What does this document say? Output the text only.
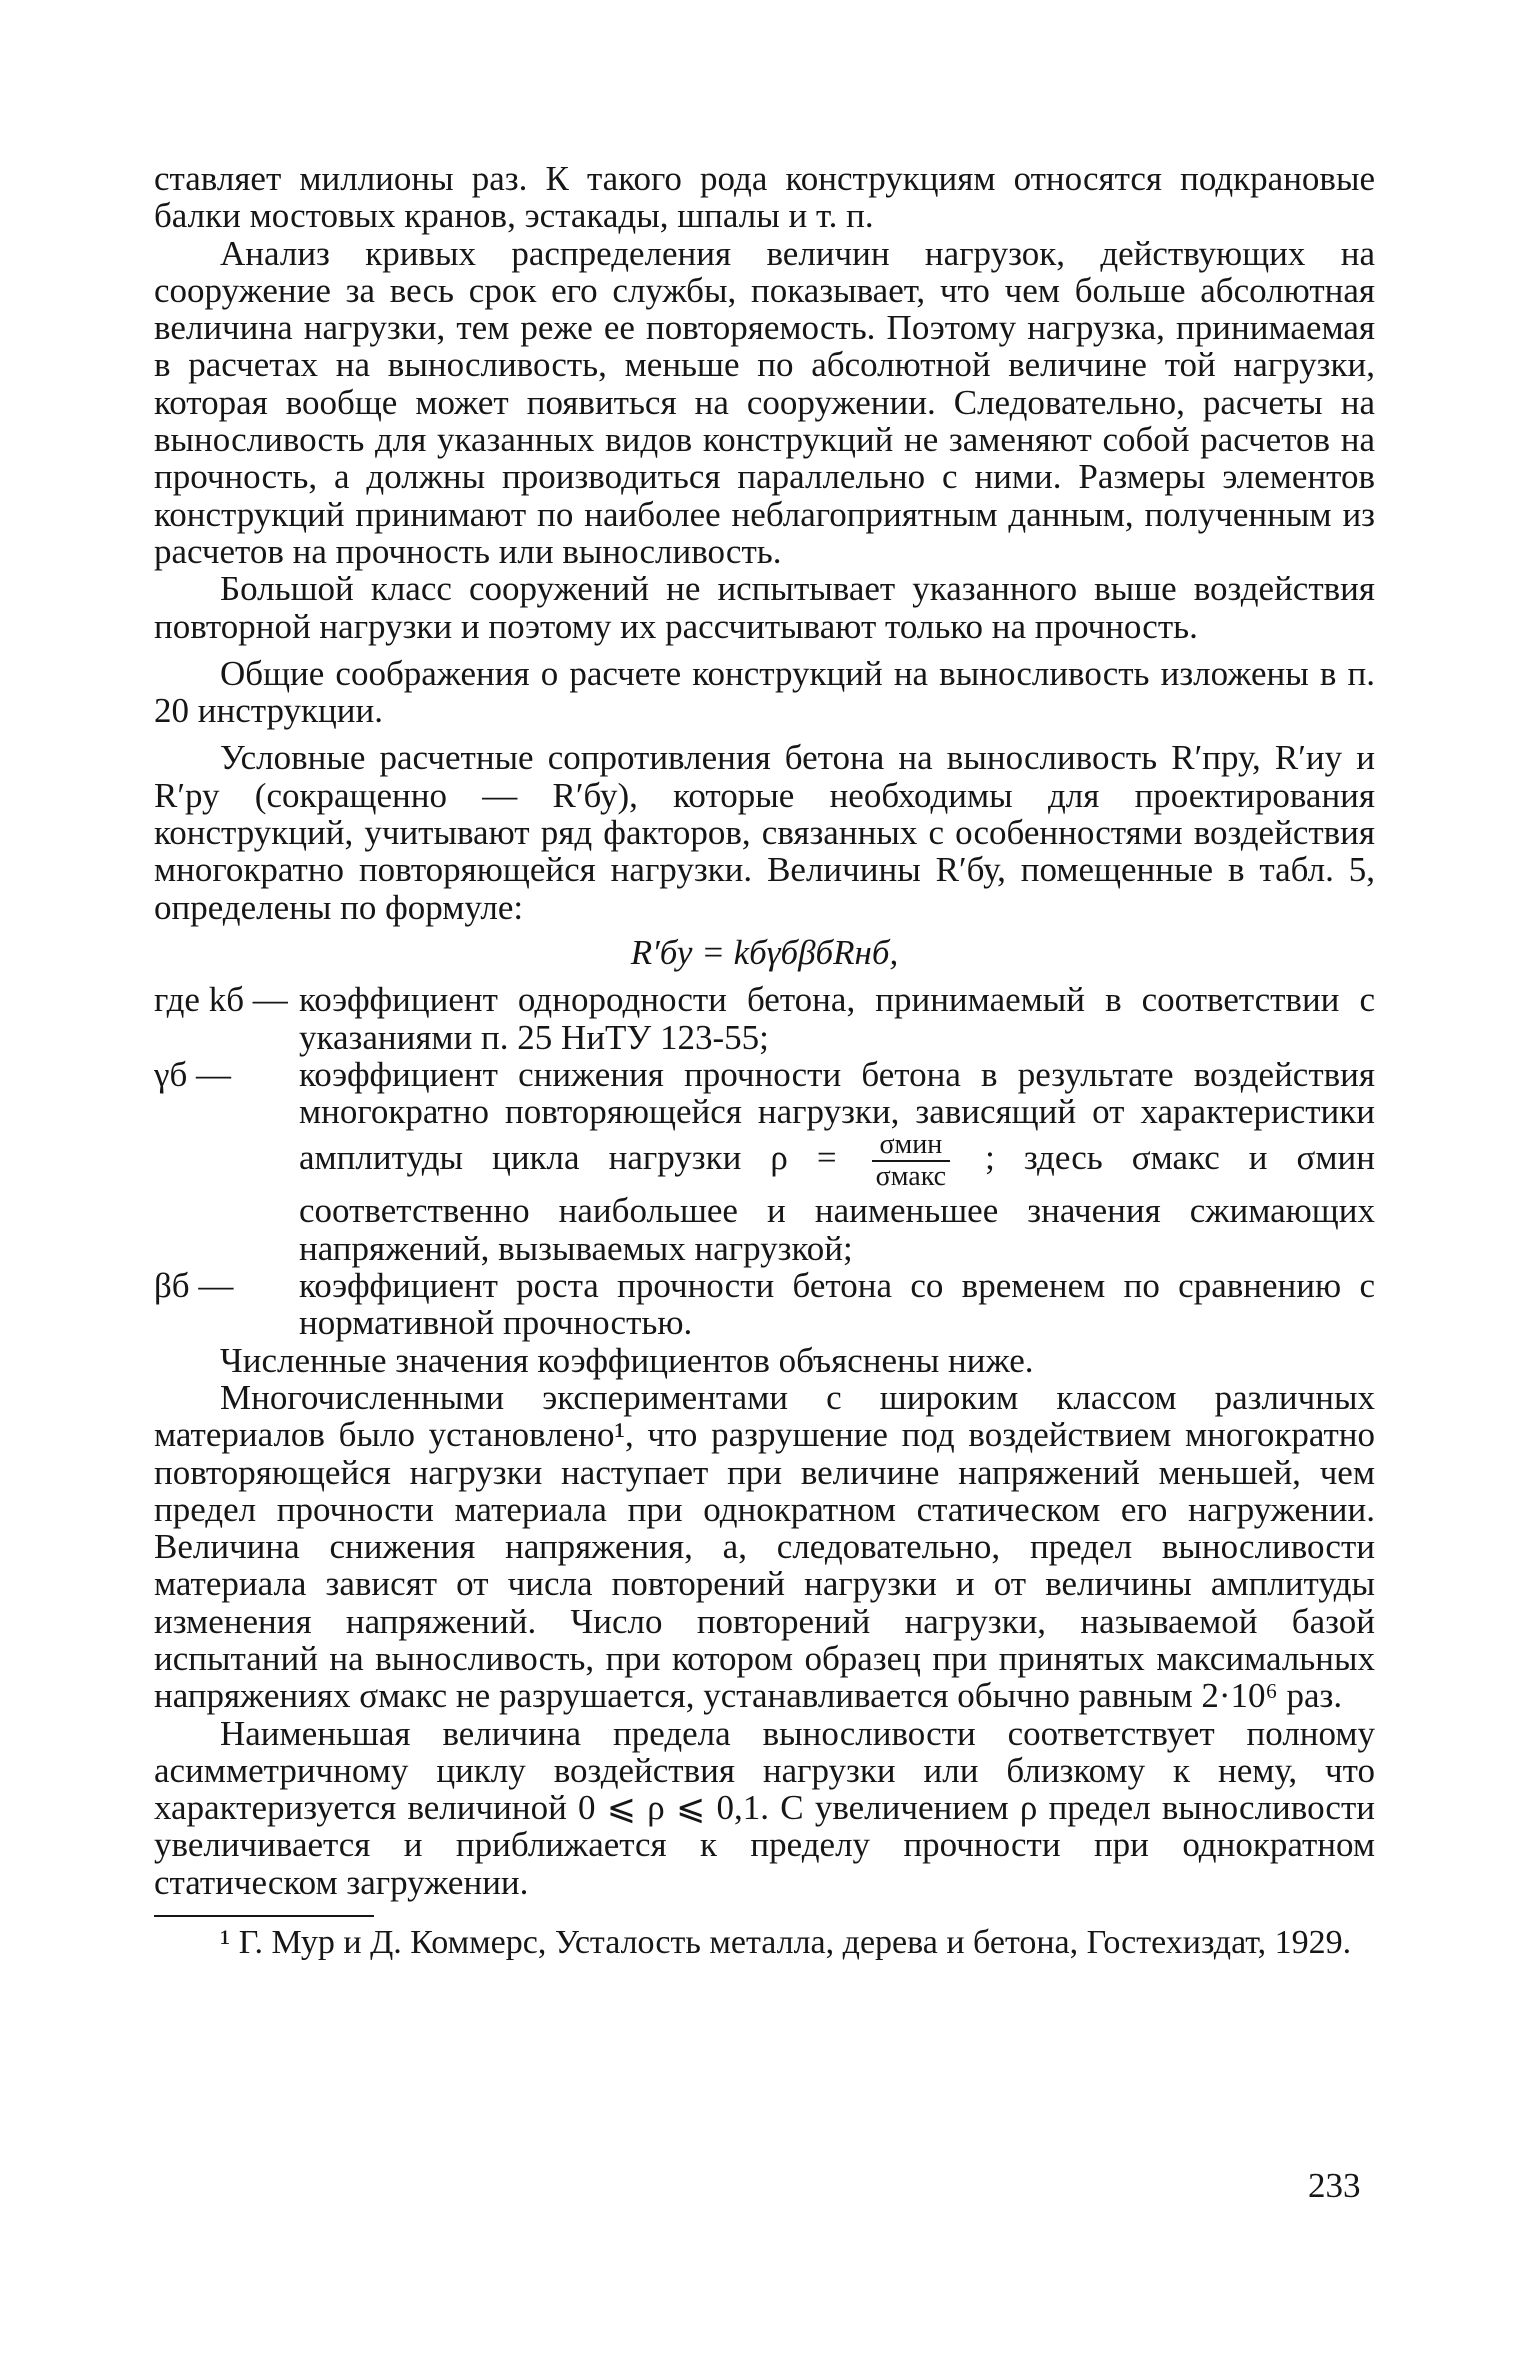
ставляет миллионы раз. К такого рода конструкциям относятся подкрановые балки мостовых кранов, эстакады, шпалы и т. п.

Анализ кривых распределения величин нагрузок, действующих на сооружение за весь срок его службы, показывает, что чем больше абсолютная величина нагрузки, тем реже ее повторяемость. Поэтому нагрузка, принимаемая в расчетах на выносливость, меньше по абсолютной величине той нагрузки, которая вообще может появиться на сооружении. Следовательно, расчеты на выносливость для указанных видов конструкций не заменяют собой расчетов на прочность, а должны производиться параллельно с ними. Размеры элементов конструкций принимают по наиболее неблагоприятным данным, полученным из расчетов на прочность или выносливость.

Большой класс сооружений не испытывает указанного выше воздействия повторной нагрузки и поэтому их рассчитывают только на прочность.

Общие соображения о расчете конструкций на выносливость изложены в п. 20 инструкции.

Условные расчетные сопротивления бетона на выносливость R′пру, R′иу и R′ру (сокращенно — R′бу), которые необходимы для проектирования конструкций, учитывают ряд факторов, связанных с особенностями воздействия многократно повторяющейся нагрузки. Величины R′бу, помещенные в табл. 5, определены по формуле:

R′бу = kбγбβбRнб,
где kб — коэффициент однородности бетона, принимаемый в соответствии с указаниями п. 25 НиТУ 123-55;
γб —	коэффициент снижения прочности бетона в результате воздействия многократно повторяющейся нагрузки, зависящий от характеристики амплитуды цикла нагрузки $\rho = \frac{\text{σмин}}{\text{σмакс}}$ ; здесь σмакс и σмин соответственно наибольшее и наименьшее значения сжимающих напряжений, вызываемых нагрузкой;
βб —	коэффициент роста прочности бетона со временем по сравнению с нормативной прочностью.

Численные значения коэффициентов объяснены ниже.

Многочисленными экспериментами с широким классом различных материалов было установлено¹, что разрушение под воздействием многократно повторяющейся нагрузки наступает при величине напряжений меньшей, чем предел прочности материала при однократном статическом его нагружении. Величина снижения напряжения, а, следовательно, предел выносливости материала зависят от числа повторений нагрузки и от величины амплитуды изменения напряжений. Число повторений нагрузки, называемой базой испытаний на выносливость, при котором образец при принятых максимальных напряжениях σмакс не разрушается, устанавливается обычно равным 2·10⁶ раз.

Наименьшая величина предела выносливости соответствует полному асимметричному циклу воздействия нагрузки или близкому к нему, что характеризуется величиной 0 ⩽ ρ ⩽ 0,1. С увеличением ρ предел выносливости увеличивается и приближается к пределу прочности при однократном статическом загружении.

¹ Г. Мур и Д. Коммерс, Усталость металла, дерева и бетона, Гостехиздат, 1929.

233
